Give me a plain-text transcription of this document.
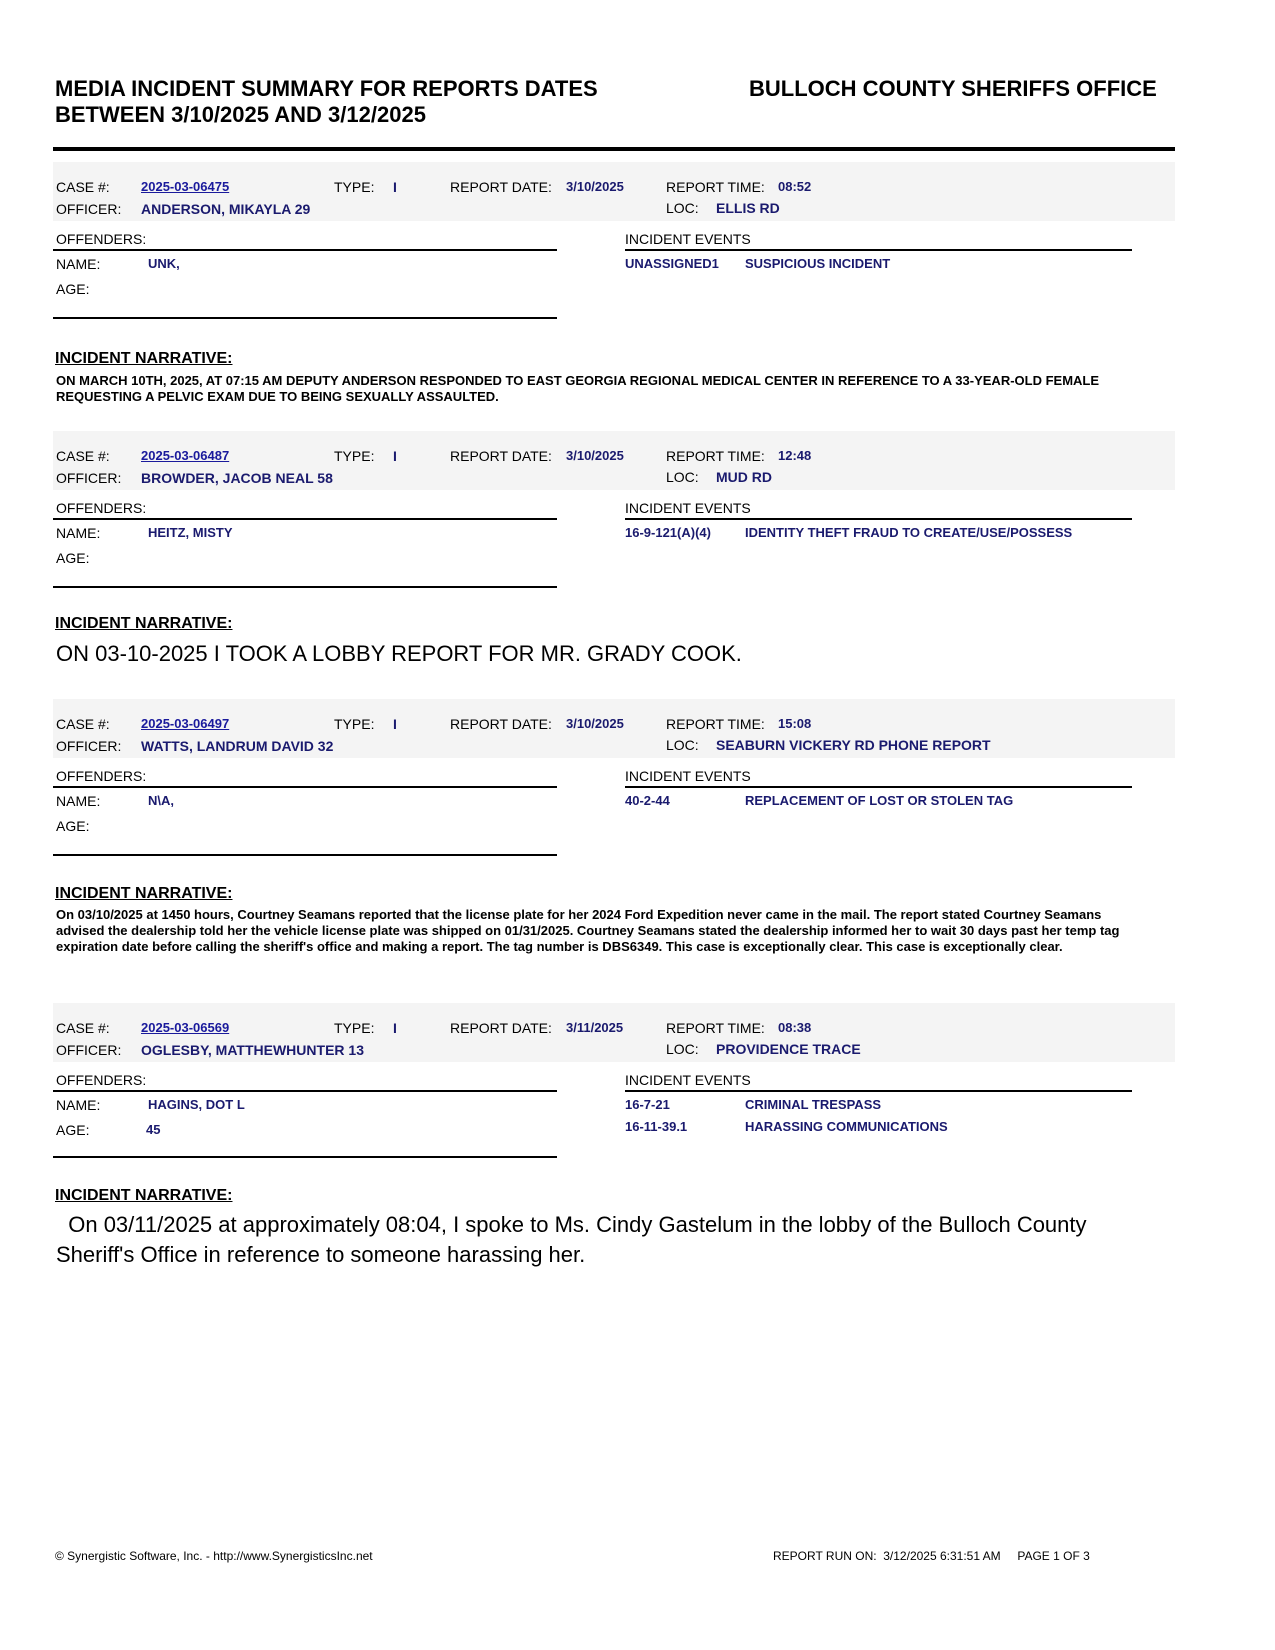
MEDIA INCIDENT SUMMARY FOR REPORTS DATES
BETWEEN 3/10/2025 AND 3/12/2025
BULLOCH COUNTY SHERIFFS OFFICE
CASE #: 2025-03-06475	TYPE: I	REPORT DATE: 3/10/2025	REPORT TIME: 08:52
OFFICER: ANDERSON, MIKAYLA 29	LOC: ELLIS RD
OFFENDERS:	INCIDENT EVENTS
NAME:	UNK,
AGE:
UNASSIGNED1 SUSPICIOUS INCIDENT
INCIDENT NARRATIVE:
ON MARCH 10TH, 2025, AT 07:15 AM DEPUTY ANDERSON RESPONDED TO EAST GEORGIA REGIONAL MEDICAL CENTER IN REFERENCE TO A 33-YEAR-OLD FEMALE REQUESTING A PELVIC EXAM DUE TO BEING SEXUALLY ASSAULTED.
CASE #: 2025-03-06487	TYPE: I	REPORT DATE: 3/10/2025	REPORT TIME: 12:48
OFFICER: BROWDER, JACOB NEAL 58	LOC: MUD RD
OFFENDERS:	INCIDENT EVENTS
NAME:	HEITZ, MISTY
AGE:
16-9-121(A)(4)	IDENTITY THEFT FRAUD TO CREATE/USE/POSSESS
INCIDENT NARRATIVE:
ON 03-10-2025 I TOOK A LOBBY REPORT FOR MR. GRADY COOK.
CASE #: 2025-03-06497	TYPE: I	REPORT DATE: 3/10/2025	REPORT TIME: 15:08
OFFICER: WATTS, LANDRUM DAVID 32	LOC: SEABURN VICKERY RD PHONE REPORT
OFFENDERS:	INCIDENT EVENTS
NAME:	N\A,
AGE:
40-2-44	REPLACEMENT OF LOST OR STOLEN TAG
INCIDENT NARRATIVE:
On 03/10/2025 at 1450 hours, Courtney Seamans reported that the license plate for her 2024 Ford Expedition never came in the mail. The report stated Courtney Seamans advised the dealership told her the vehicle license plate was shipped on 01/31/2025. Courtney Seamans stated the dealership informed her to wait 30 days past her temp tag expiration date before calling the sheriff's office and making a report. The tag number is DBS6349. This case is exceptionally clear. This case is exceptionally clear.
CASE #: 2025-03-06569	TYPE: I	REPORT DATE: 3/11/2025	REPORT TIME: 08:38
OFFICER: OGLESBY, MATTHEWHUNTER 13	LOC: PROVIDENCE TRACE
OFFENDERS:	INCIDENT EVENTS
NAME:	HAGINS, DOT L
AGE:	45
16-7-21	CRIMINAL TRESPASS
16-11-39.1	HARASSING COMMUNICATIONS
INCIDENT NARRATIVE:
On 03/11/2025 at approximately 08:04, I spoke to Ms. Cindy Gastelum in the lobby of the Bulloch County Sheriff's Office in reference to someone harassing her.
© Synergistic Software, Inc. - http://www.SynergisticsInc.net	REPORT RUN ON: 3/12/2025 6:31:51 AM PAGE 1 OF 3
